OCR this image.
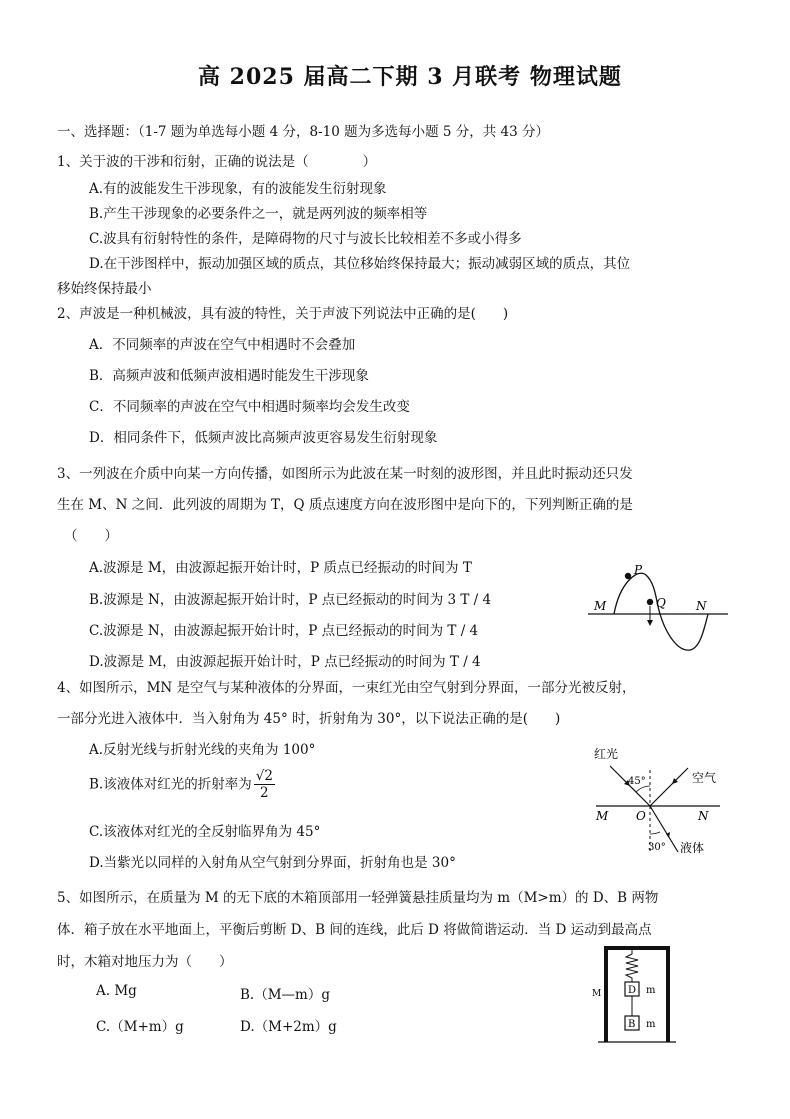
高 2025 届高二下期 3 月联考 物理试题
一、选择题：（1-7 题为单选每小题 4 分，8-10 题为多选每小题 5 分，共 43 分）
1、关于波的干涉和衍射，正确的说法是（　　　　）
A.有的波能发生干涉现象，有的波能发生衍射现象
B.产生干涉现象的必要条件之一，就是两列波的频率相等
C.波具有衍射特性的条件，是障碍物的尺寸与波长比较相差不多或小得多
D.在干涉图样中，振动加强区域的质点，其位移始终保持最大；振动减弱区域的质点，其位
移始终保持最小
2、声波是一种机械波，具有波的特性，关于声波下列说法中正确的是(　　)
A．不同频率的声波在空气中相遇时不会叠加
B．高频声波和低频声波相遇时能发生干涉现象
C．不同频率的声波在空气中相遇时频率均会发生改变
D．相同条件下，低频声波比高频声波更容易发生衍射现象
3、一列波在介质中向某一方向传播，如图所示为此波在某一时刻的波形图，并且此时振动还只发
生在 M、N 之间．此列波的周期为 T，Q 质点速度方向在波形图中是向下的，下列判断正确的是
（　　）
A.波源是 M，由波源起振开始计时，P 质点已经振动的时间为 T
B.波源是 N，由波源起振开始计时，P 点已经振动的时间为 3 T / 4
C.波源是 N，由波源起振开始计时，P 点已经振动的时间为 T / 4
D.波源是 M，由波源起振开始计时，P 点已经振动的时间为 T / 4
P
Q
M	N
4、如图所示，MN 是空气与某种液体的分界面，一束红光由空气射到分界面，一部分光被反射，
一部分光进入液体中．当入射角为 45° 时，折射角为 30°，以下说法正确的是(　　)
A.反射光线与折射光线的夹角为 100°
B.该液体对红光的折射率为 $\frac{√2}{2}$
C.该液体对红光的全反射临界角为 45°
D.当紫光以同样的入射角从空气射到分界面，折射角也是 30°
红光
空气
液体
45°
30°
M O	N
5、如图所示，在质量为 M 的无下底的木箱顶部用一轻弹簧悬挂质量均为 m（M>m）的 D、B 两物
体．箱子放在水平地面上，平衡后剪断 D、B 间的连线，此后 D 将做简谐运动．当 D 运动到最高点
时，木箱对地压力为（　　）
A. Mg	B.（M—m）g
C.（M+m）g	D.（M+2m）g
D
B
m
m
M
